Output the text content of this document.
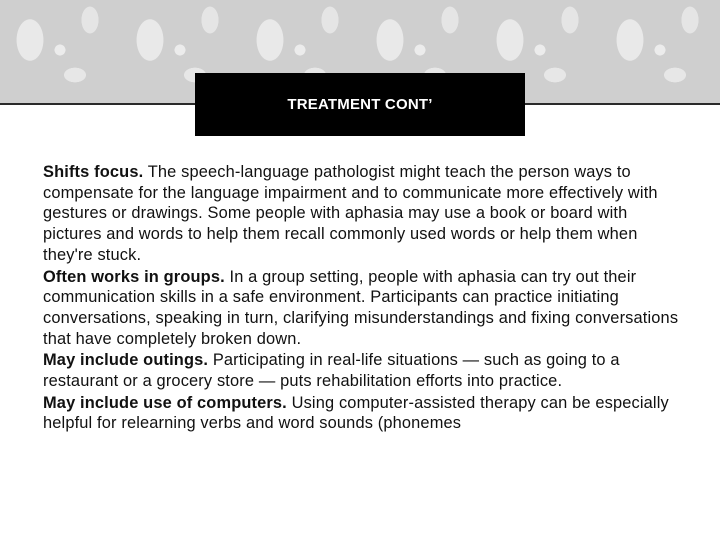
TREATMENT CONT’

Shifts focus. The speech-language pathologist might teach the person ways to compensate for the language impairment and to communicate more effectively with gestures or drawings. Some people with aphasia may use a book or board with pictures and words to help them recall commonly used words or help them when they're stuck.

Often works in groups. In a group setting, people with aphasia can try out their communication skills in a safe environment. Participants can practice initiating conversations, speaking in turn, clarifying misunderstandings and fixing conversations that have completely broken down.

May include outings. Participating in real-life situations — such as going to a restaurant or a grocery store — puts rehabilitation efforts into practice.

May include use of computers. Using computer-assisted therapy can be especially helpful for relearning verbs and word sounds (phonemes
